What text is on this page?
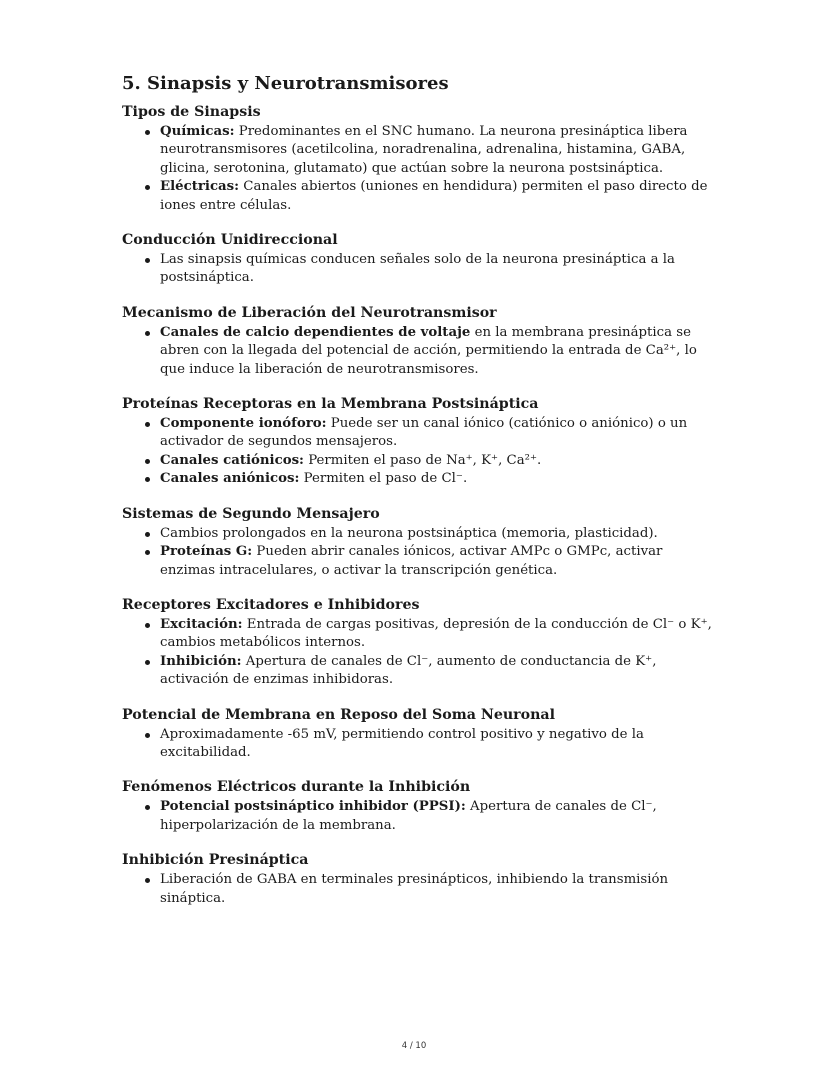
5. Sinapsis y Neurotransmisores
Tipos de Sinapsis
Químicas: Predominantes en el SNC humano. La neurona presináptica libera neurotransmisores (acetilcolina, noradrenalina, adrenalina, histamina, GABA, glicina, serotonina, glutamato) que actúan sobre la neurona postsináptica.
Eléctricas: Canales abiertos (uniones en hendidura) permiten el paso directo de iones entre células.
Conducción Unidireccional
Las sinapsis químicas conducen señales solo de la neurona presináptica a la postsináptica.
Mecanismo de Liberación del Neurotransmisor
Canales de calcio dependientes de voltaje en la membrana presináptica se abren con la llegada del potencial de acción, permitiendo la entrada de Ca²⁺, lo que induce la liberación de neurotransmisores.
Proteínas Receptoras en la Membrana Postsináptica
Componente ionóforo: Puede ser un canal iónico (catiónico o aniónico) o un activador de segundos mensajeros.
Canales catiónicos: Permiten el paso de Na⁺, K⁺, Ca²⁺.
Canales aniónicos: Permiten el paso de Cl⁻.
Sistemas de Segundo Mensajero
Cambios prolongados en la neurona postsináptica (memoria, plasticidad).
Proteínas G: Pueden abrir canales iónicos, activar AMPc o GMPc, activar enzimas intracelulares, o activar la transcripción genética.
Receptores Excitadores e Inhibidores
Excitación: Entrada de cargas positivas, depresión de la conducción de Cl⁻ o K⁺, cambios metabólicos internos.
Inhibición: Apertura de canales de Cl⁻, aumento de conductancia de K⁺, activación de enzimas inhibidoras.
Potencial de Membrana en Reposo del Soma Neuronal
Aproximadamente -65 mV, permitiendo control positivo y negativo de la excitabilidad.
Fenómenos Eléctricos durante la Inhibición
Potencial postsináptico inhibidor (PPSI): Apertura de canales de Cl⁻, hiperpolarización de la membrana.
Inhibición Presináptica
Liberación de GABA en terminales presinápticos, inhibiendo la transmisión sináptica.
4 / 10
